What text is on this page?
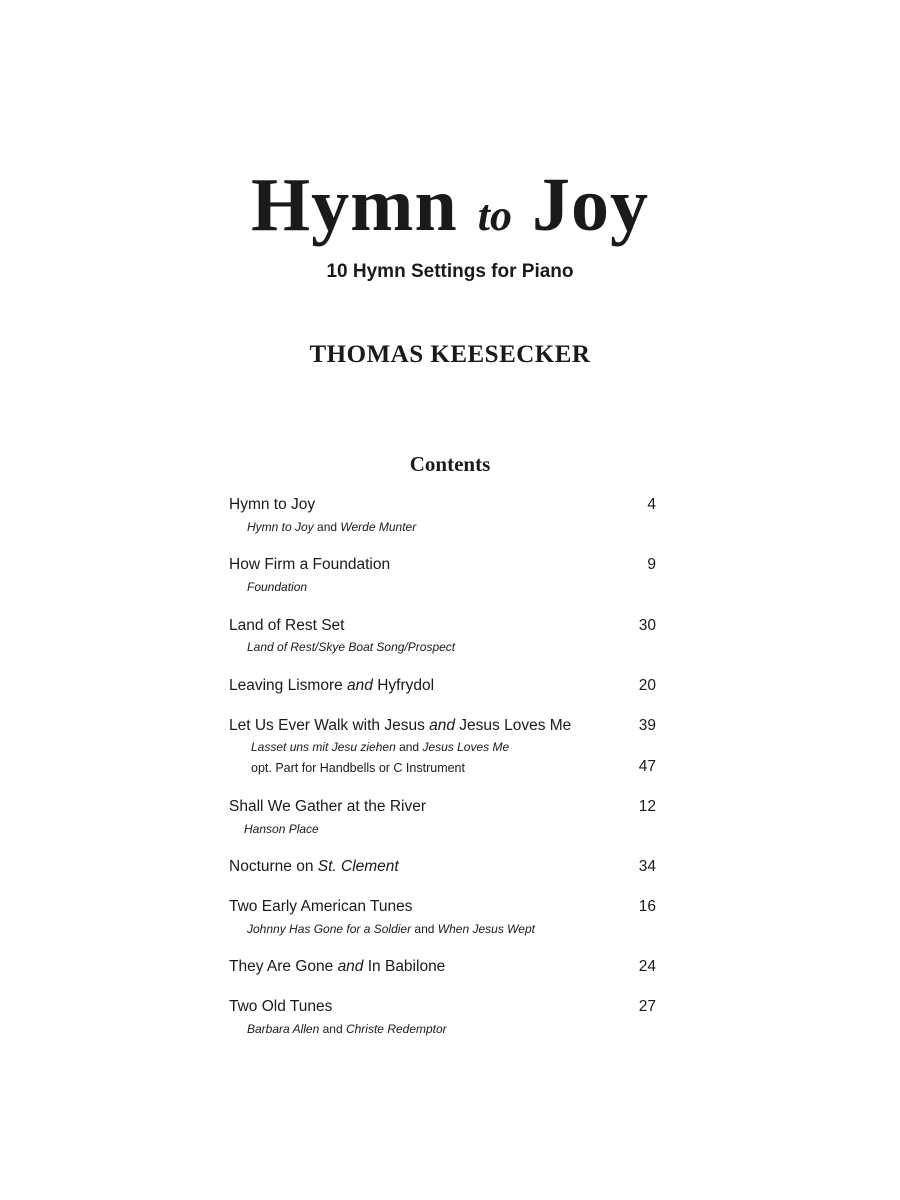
Hymn to Joy
10 Hymn Settings for Piano
THOMAS KEESECKER
Contents
Hymn to Joy	4
Hymn to Joy and Werde Munter
How Firm a Foundation	9
Foundation
Land of Rest Set	30
Land of Rest/Skye Boat Song/Prospect
Leaving Lismore and Hyfrydol	20
Let Us Ever Walk with Jesus and Jesus Loves Me	39
Lasset uns mit Jesu ziehen and Jesus Loves Me
opt. Part for Handbells or C Instrument	47
Shall We Gather at the River	12
Hanson Place
Nocturne on St. Clement	34
Two Early American Tunes	16
Johnny Has Gone for a Soldier and When Jesus Wept
They Are Gone and In Babilone	24
Two Old Tunes	27
Barbara Allen and Christe Redemptor
